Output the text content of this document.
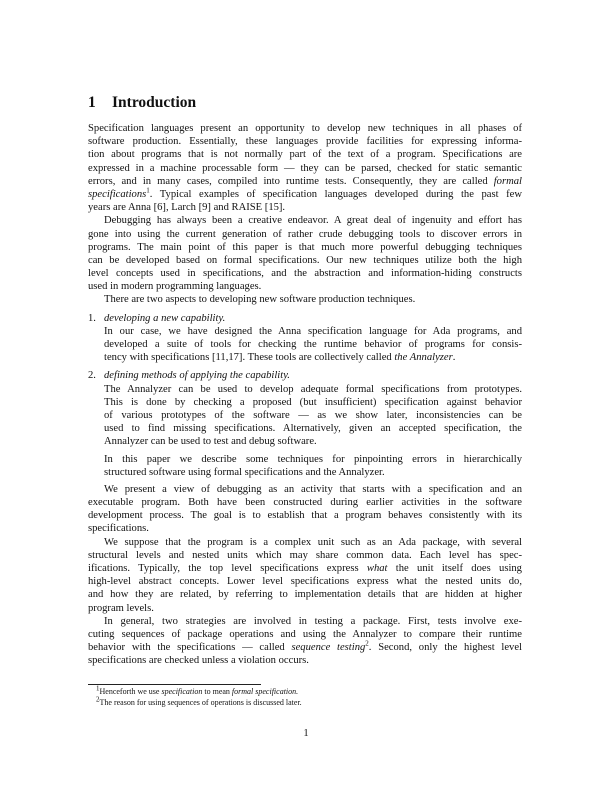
1 Introduction
Specification languages present an opportunity to develop new techniques in all phases of
software production. Essentially, these languages provide facilities for expressing informa-
tion about programs that is not normally part of the text of a program. Specifications are
expressed in a machine processable form — they can be parsed, checked for static semantic
errors, and in many cases, compiled into runtime tests. Consequently, they are called formal
specifications$^1$. Typical examples of specification languages developed during the past few
years are Anna [6], Larch [9] and RAISE [15].
Debugging has always been a creative endeavor. A great deal of ingenuity and effort has
gone into using the current generation of rather crude debugging tools to discover errors in
programs. The main point of this paper is that much more powerful debugging techniques
can be developed based on formal specifications. Our new techniques utilize both the high
level concepts used in specifications, and the abstraction and information-hiding constructs
used in modern programming languages.
There are two aspects to developing new software production techniques.
1. developing a new capability.
In our case, we have designed the Anna specification language for Ada programs, and
developed a suite of tools for checking the runtime behavior of programs for consis-
tency with specifications [11,17]. These tools are collectively called the Annalyzer.
2. defining methods of applying the capability.
The Annalyzer can be used to develop adequate formal specifications from prototypes.
This is done by checking a proposed (but insufficient) specification against behavior
of various prototypes of the software — as we show later, inconsistencies can be
used to find missing specifications. Alternatively, given an accepted specification, the
Annalyzer can be used to test and debug software.
In this paper we describe some techniques for pinpointing errors in hierarchically
structured software using formal specifications and the Annalyzer.
We present a view of debugging as an activity that starts with a specification and an
executable program. Both have been constructed during earlier activities in the software
development process. The goal is to establish that a program behaves consistently with its
specifications.
We suppose that the program is a complex unit such as an Ada package, with several
structural levels and nested units which may share common data. Each level has spec-
ifications. Typically, the top level specifications express what the unit itself does using
high-level abstract concepts. Lower level specifications express what the nested units do,
and how they are related, by referring to implementation details that are hidden at higher
program levels.
In general, two strategies are involved in testing a package. First, tests involve exe-
cuting sequences of package operations and using the Annalyzer to compare their runtime
behavior with the specifications — called sequence testing$^2$. Second, only the highest level
specifications are checked unless a violation occurs.
$^1$Henceforth we use specification to mean formal specification.
$^2$The reason for using sequences of operations is discussed later.
1
